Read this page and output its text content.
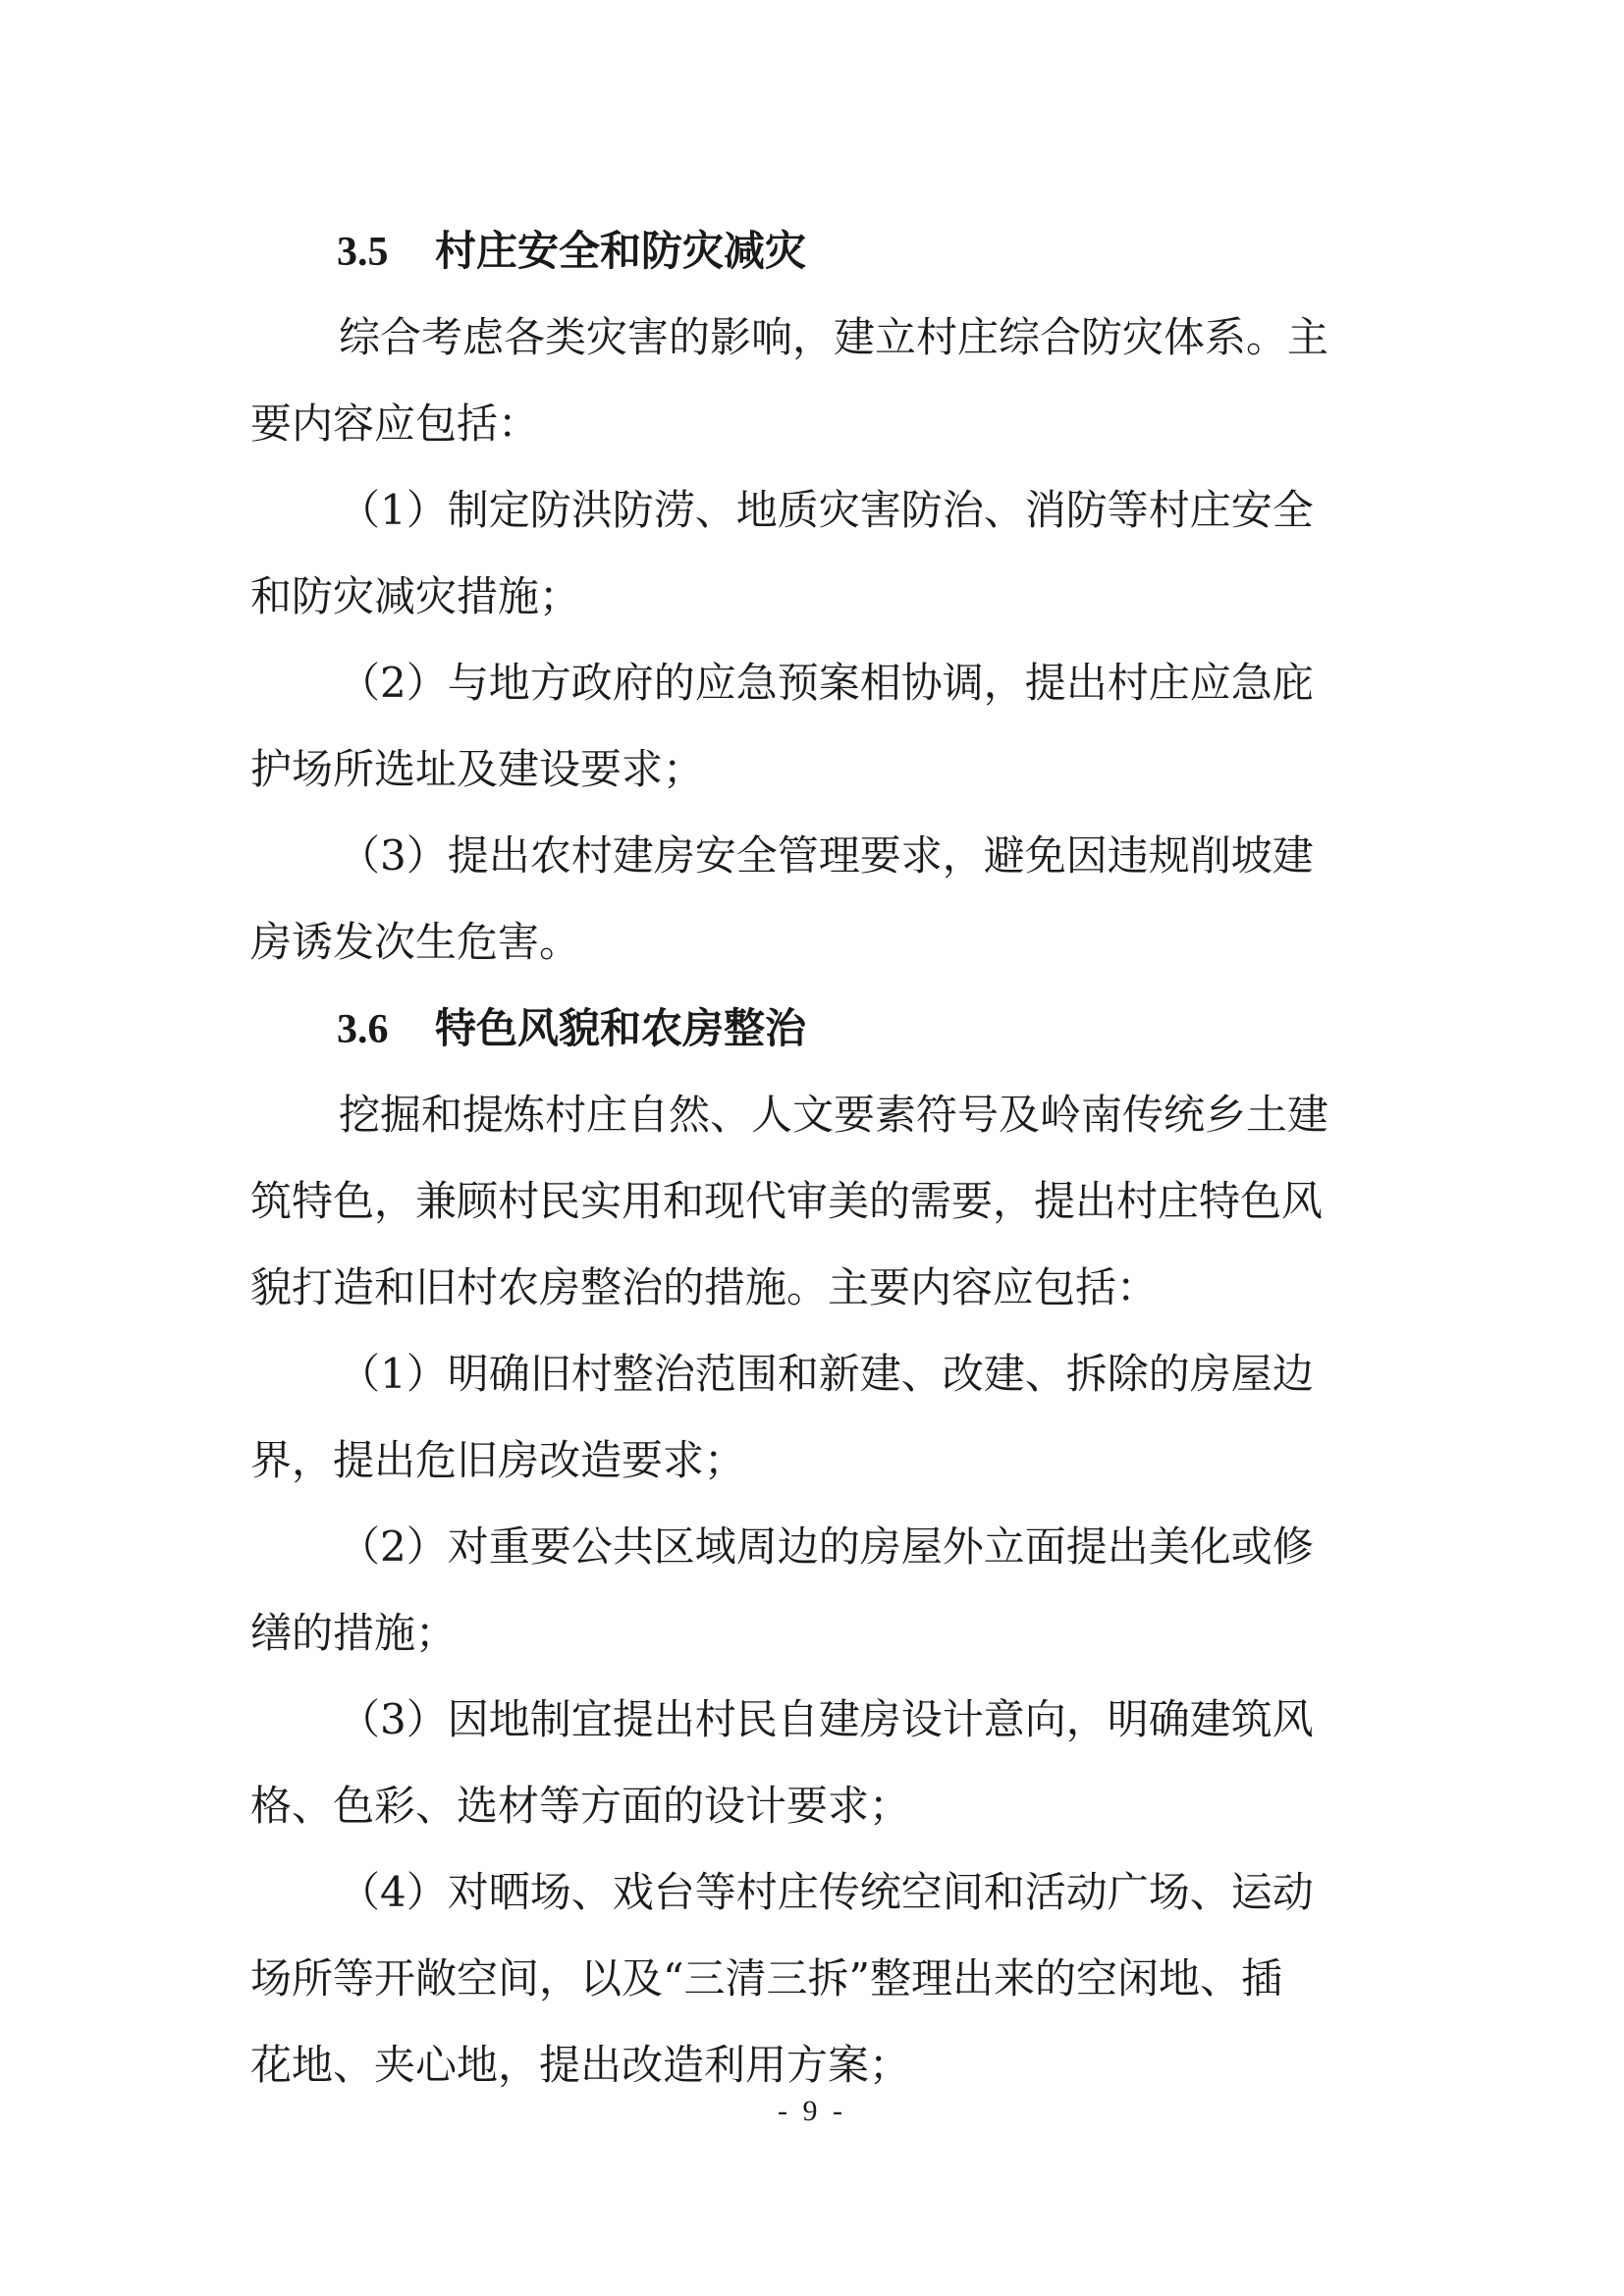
3.5 村庄安全和防灾减灾
综合考虑各类灾害的影响，建立村庄综合防灾体系。主
要内容应包括：
（1）制定防洪防涝、地质灾害防治、消防等村庄安全
和防灾减灾措施；
（2）与地方政府的应急预案相协调，提出村庄应急庇
护场所选址及建设要求；
（3）提出农村建房安全管理要求，避免因违规削坡建
房诱发次生危害。
3.6 特色风貌和农房整治
挖掘和提炼村庄自然、人文要素符号及岭南传统乡土建
筑特色，兼顾村民实用和现代审美的需要，提出村庄特色风
貌打造和旧村农房整治的措施。主要内容应包括：
（1）明确旧村整治范围和新建、改建、拆除的房屋边
界，提出危旧房改造要求；
（2）对重要公共区域周边的房屋外立面提出美化或修
缮的措施；
（3）因地制宜提出村民自建房设计意向，明确建筑风
格、色彩、选材等方面的设计要求；
（4）对晒场、戏台等村庄传统空间和活动广场、运动
场所等开敞空间，以及“三清三拆”整理出来的空闲地、插
花地、夹心地，提出改造利用方案；
- 9 -
